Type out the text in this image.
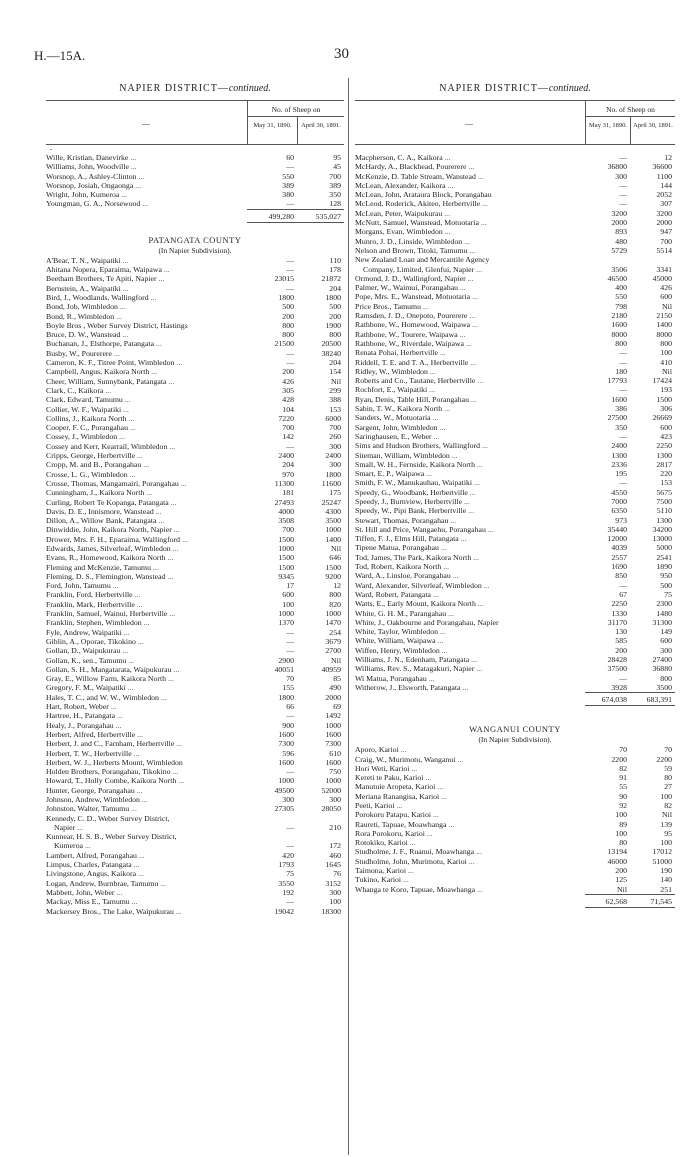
H.—15A.	30
NAPIER DISTRICT—continued.
—
No. of Sheep on
May 31, 1890.	April 30, 1891.
-
Wille, Kristian, Danevirke ...	60	95
Williams, John, Woodville ...	—	45
Worsnop, A., Ashley-Clinton ...	550	700
Worsnop, Josiah, Ongaonga ...	389	389
Wright, John, Kumeroa ...	380	350
Youngman, G. A., Norsewood ...	—	128
499,280	535,027
PATANGATA COUNTY
(In Napier Subdivision).
A'Bear, T. N., Waipatiki ...	—	110
Ahitana Nopera, Eparaima, Waipawa ...	—	178
Beetham Brothers, Te Apiti, Napier ...	23015	21872
Bernstein, A., Waipatiki ...	—	204
Bird, J., Woodlands, Wallingford ...	1800	1800
Bond, Job, Wimbledon ...	500	500
Bond, R., Wimbledon ...	200	200
Boyle Bros , Weber Survey District, Hastings	800	1900
Bruce, D. W., Wanstead ...	800	800
Buchanan, J., Elsthorpe, Patangata ...	21500	20500
Busby, W., Pourerere ...	—	38240
Cameron, K. F., Titree Point, Wimbledon ...	—	204
Campbell, Angus, Kaikora North ...	200	154
Cheer, William, Sunnybank, Patangata ...	426	Nil
Clark, C., Kaikora ...	305	299
Clark, Edward, Tamumu ...	428	388
Collier, W. F., Waipatiki ...	104	153
Collins, J., Kaikora North ...	7220	6000
Cooper, F. C., Porangahau ...	700	700
Cossey, J., Wimbledon ...	142	260
Cossey and Kerr, Kearrail, Wimbledon ...	—	300
Cripps, George, Herbertville ...	2400	2400
Cropp, M. and B., Porangahau ...	204	300
Crosse, L. G., Wimbledon ...	970	1800
Crosse, Thomas, Mangamairi, Porangahau ...	11300	11600
Cunningham, J., Kaikora North ...	181	175
Curling, Robert Te Kopanga, Patangata ...	27493	25247
Davis, D. E., Innismore, Wanstead ...	4000	4300
Dillon, A., Willow Bank, Patangata ...	3508	3500
Dinwiddie, John, Kaikora North, Napier ...	700	1000
Drower, Mrs. F. H., Eparaima, Wallingford ...	1500	1400
Edwards, James, Silverleaf, Wimbledon ...	1000	Nil
Evans, R., Homewood, Kaikora North ...	1500	646
Fleming and McKenzie, Tamumu ...	1500	1500
Fleming, D. S., Flemington, Wanstead ...	9345	9200
Ford, John, Tamumu ...	17	12
Franklin, Ford, Herbertville ...	600	800
Franklin, Mark, Herbertville ...	100	820
Franklin, Samuel, Wainui, Herbertville ...	1000	1000
Franklin, Stephen, Wimbledon ...	1370	1470
Fyle, Andrew, Waipatiki ...	—	254
Giblin, A., Oporae, Tikokino ...	—	3679
Gollan, D., Waipukurau ...	—	2700
Gollan, K., sen., Tamumu ...	2900	Nil
Gollan, S. H., Mangatarata, Waipukurau ...	40051	40959
Gray, E., Willow Farm, Kaikora North ...	70	85
Gregory, F. M., Waipatiki ...	155	490
Hales, T. C., and W. W., Wimbledon ...	1800	2000
Hart, Robert, Weber ...	66	69
Hartree, H., Patangata ...	—	1492
Healy, J., Porangahau ...	900	1000
Herbert, Alfred, Herbertville ...	1600	1600
Herbert, J. and C., Farnham, Herbertville ...	7300	7300
Herbert, T. W., Herbertville ...	596	610
Herbert, W. J., Herberts Mount, Wimbledon	1600	1600
Holden Brothers, Porangahau, Tikokino ...	—	750
Howard, T., Holly Combe, Kaikora North ...	1000	1000
Hunter, George, Porangahau ...	49500	52000
Johnson, Andrew, Wimbledon ...	300	300
Johnston, Walter, Tamumu ...	27305	28050
Kennedy, C. D., Weber Survey District,
Napier ...	—	210
Kunnear, H. S. B., Weber Survey District,
Kumeroa ...	—	172
Lambert, Alfred, Porangahau ...	420	460
Limpus, Charles, Patangata ...	1793	1645
Livingstone, Angus, Kaikora ...	75	76
Logan, Andrew, Burnbrae, Tamumu ...	3550	3152
Mabbett, John, Weber ...	192	300
Mackay, Miss E., Tamumu ...	—	100
Mackersey Bros., The Lake, Waipukurau ...	19042	18300
NAPIER DISTRICT—continued.
—
No. of Sheep on
May 31, 1890. April 30, 1891.
Macpherson, C. A., Kaikora ...	—	12
McHardy, A., Blackhead, Pourerere ...	36800	36600
McKenzie, D. Table Stream, Wanstead ...	300	1100
McLean, Alexander, Kaikora ...	—	144
McLean, John, Arataura Block, Porangahau	—	2052
McLeod, Roderick, Akiteo, Herbertville ...	—	307
McLean, Peter, Waipukurau ...	3200	3200
McNutt, Samuel, Wanstead, Motuotaria ...	2000	2000
Morgans, Evan, Wimbledon ...	893	947
Munro, J. D., Linside, Wimbledon ...	480	700
Nelson and Brown, Titoki, Tamumu ...	5729	5514
New Zealand Loan and Mercantile Agency
Company, Limited, Glenfui, Napier ...	3506	3341
Ormond, J. D., Wallingford, Napier ...	46500	45000
Palmer, W., Waimui, Porangahau ...	400	426
Pope, Mrs. E., Wanstead, Motuotaria ...	550	600
Price Bros., Tamumu ...	798	Nil
Ramsden, J. D., Onepoto, Pourerere ...	2180	2150
Rathbone, W., Homewood, Waipawa ...	1600	1400
Rathbone, W., Tourere, Waipawa ...	8000	8000
Rathbone, W., Riverdale, Waipawa ...	800	800
Renata Pohai, Herbertville ...	—	100
Riddell, T. E. and T. A., Herbertville ...	—	410
Ridley, W., Wimbledon ...	180	Nil
Roberts and Co., Tautane, Herbertville ...	17793	17424
Rochfort, E., Waipatiki ...	—	193
Ryan, Denis, Table Hill, Porangahau ...	1600	1500
Sabin, T. W., Kaikora North ...	386	306
Sanders, W., Motuotaria ...	27500	26669
Sargent, John, Wimbledon ...	350	600
Saringhausen, E., Weber ...	—	423
Sims and Hudson Brothers, Wallingford ...	2400	2250
Siteman, William, Wimbledon ...	1300	1300
Small, W. H., Fernside, Kaikora North ...	2336	2817
Smart, E. P., Waipawa ...	195	220
Smith, F. W., Manukauhau, Waipatiki ...	—	153
Speedy, G., Woodbank, Herbertville ...	4550	5675
Speedy, J., Burnview, Herbertville ...	7000	7500
Speedy, W., Pipi Bank, Herbertville ...	6350	5110
Stewart, Thomas, Porangahau ...	973	1300
St. Hill and Price, Wangaehu, Porangahau ...	35440	34200
Tiffen, F. J., Elms Hill, Patangata ...	12000	13000
Tipene Matua, Porangahau ...	4039	5000
Tod, James, The Park, Kaikora North ...	2557	2541
Tod, Robert, Kaikora North ...	1690	1890
Ward, A., Linsloe, Porangahau ...	850	950
Ward, Alexander, Silverleaf, Wimbledon ...	—	500
Ward, Robert, Patangata ...	67	75
Watts, E., Early Mount, Kaikora North ...	2250	2300
White, G. H. M., Parangahau ...	1330	1480
White, J., Oakbourne and Porangahau, Napier	31170	31300
White, Taylor, Wimbledon ...	130	149
White, William, Waipawa ...	585	600
Wiffen, Henry, Wimbledon ...	200	300
Williams, J. N., Edenham, Patangata ...	28428	27400
Williams, Rev. S., Matagakuri, Napier ...	37500	36880
Wi Matua, Porangahau ...	—	800
Witherow, J., Elsworth, Patangata ...	3928	3500
674,038	683,391
WANGANUI COUNTY
(In Napier Subdivision).
Aporo, Karioi ...	70	70
Craig, W., Murimotu, Wanganui ...	2200	2200
Hori Weti, Karioi ...	82	59
Kereti te Paku, Karioi ...	91	80
Manutuie Aropeta, Karioi ...	55	27
Meriana Ranangisa, Karioi ...	90	100
Peeti, Karioi ...	92	82
Porokoru Patapu, Karioi ...	100	Nil
Raureti, Tapuae, Moawhanga ...	89	139
Rora Porokoru, Karioi ...	100	95
Rotokiko, Karioi ...	80	100
Studholme, J. F., Ruanui, Moawhanga ...	13194	17012
Studholme, John, Murimotu, Karioi ...	46000	51000
Taimona, Karioi ...	200	190
Tukino, Karioi ...	125	140
Whanga te Koro, Tapuae, Moawhanga ...	Nil	251
62,568	71,545
